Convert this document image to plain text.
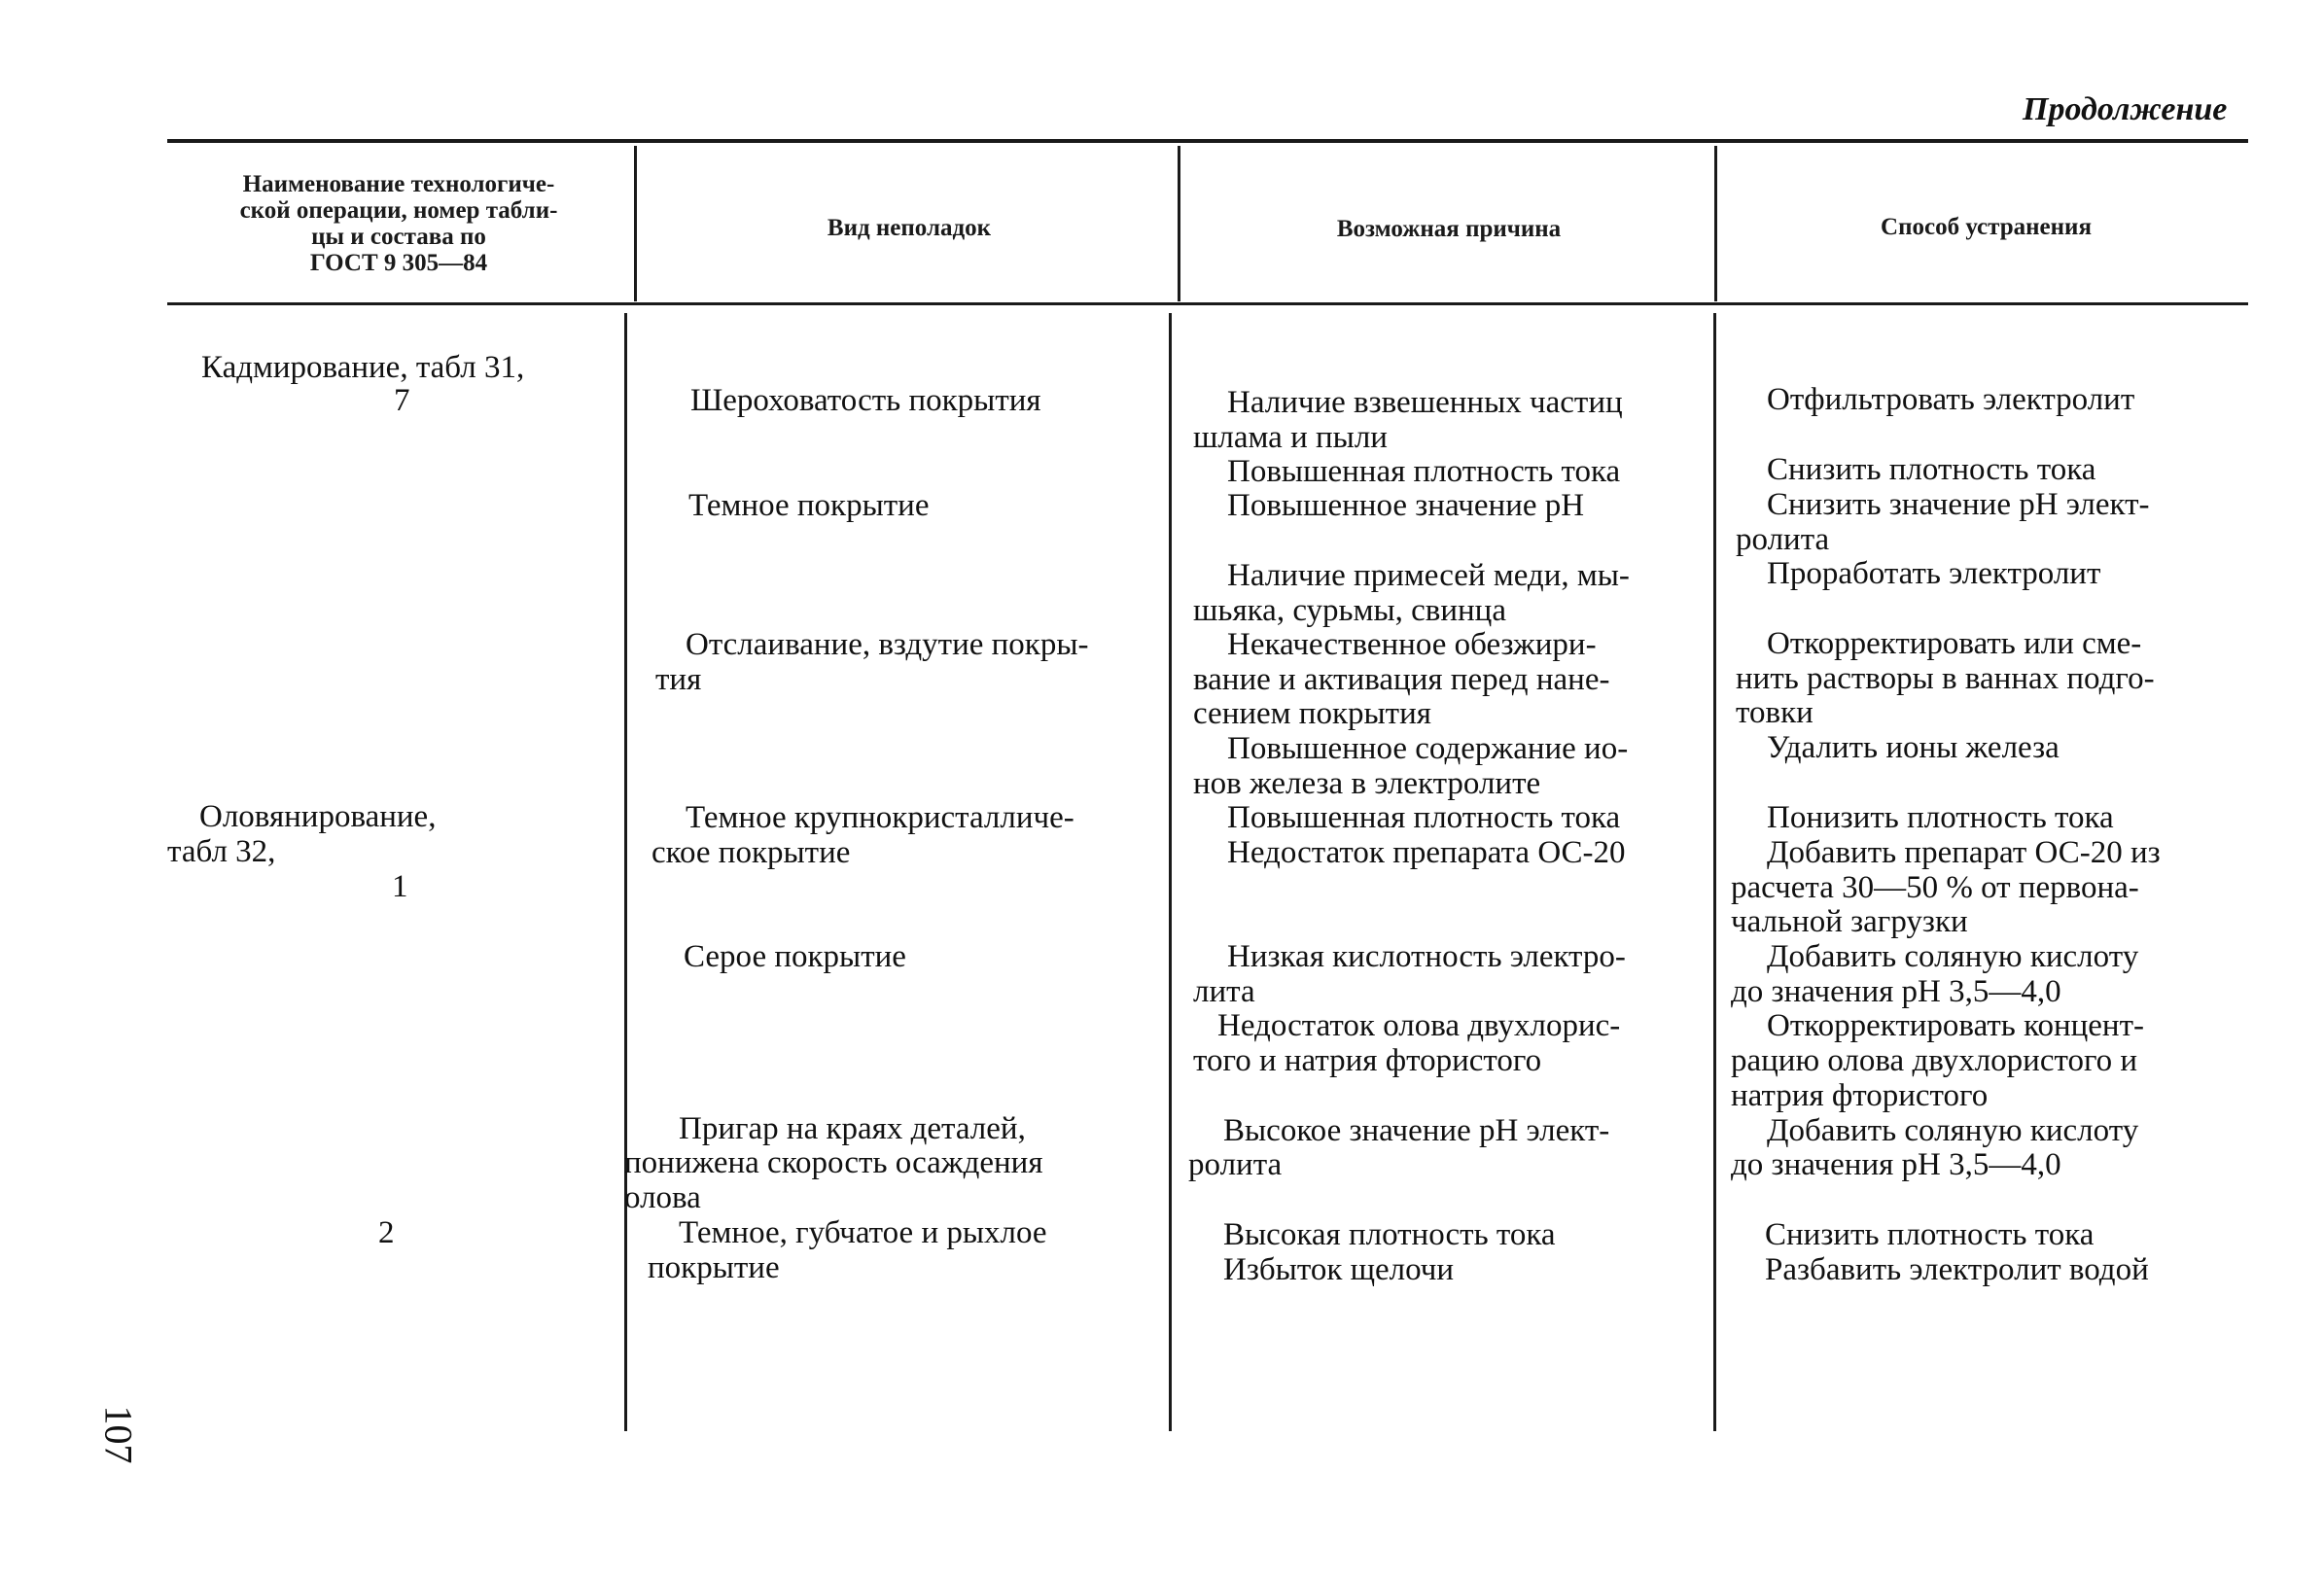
Продолжение
Наименование технологиче-
ской операции, номер табли-
цы и состава по
ГОСТ 9 305—84
Вид неполадок	Возможная причина	Способ устранения
Кадмирование, табл 31,
7
Оловянирование,
табл 32,
1
2
Шероховатость покрытия
Темное покрытие
Отслаивание, вздутие покры-
тия
Темное крупнокристалличе-
ское покрытие
Серое покрытие
Пригар на краях деталей,
понижена скорость осаждения
олова
Темное, губчатое и рыхлое
покрытие
Наличие взвешенных частиц
шлама и пыли
Повышенная плотность тока
Повышенное значение pH
Наличие примесей меди, мы-
шьяка, сурьмы, свинца
Некачественное обезжири-
вание и активация перед нане-
сением покрытия
Повышенное содержание ио-
нов железа в электролите
Повышенная плотность тока
Недостаток препарата ОС-20
Низкая кислотность электро-
лита
Недостаток олова двухлорис-
того и натрия фтористого
Высокое значение pH элект-
ролита
Высокая плотность тока
Избыток щелочи
Отфильтровать электролит
Снизить плотность тока
Снизить значение pH элект-
ролита
Проработать электролит
Откорректировать или сме-
нить растворы в ваннах подго-
товки
Удалить ионы железа
Понизить плотность тока
Добавить препарат ОС-20 из
расчета 30—50 % от первона-
чальной загрузки
Добавить соляную кислоту
до значения pH 3,5—4,0
Откорректировать концент-
рацию олова двухлористого и
натрия фтористого
Добавить соляную кислоту
до значения pH 3,5—4,0
Снизить плотность тока
Разбавить электролит водой
107
